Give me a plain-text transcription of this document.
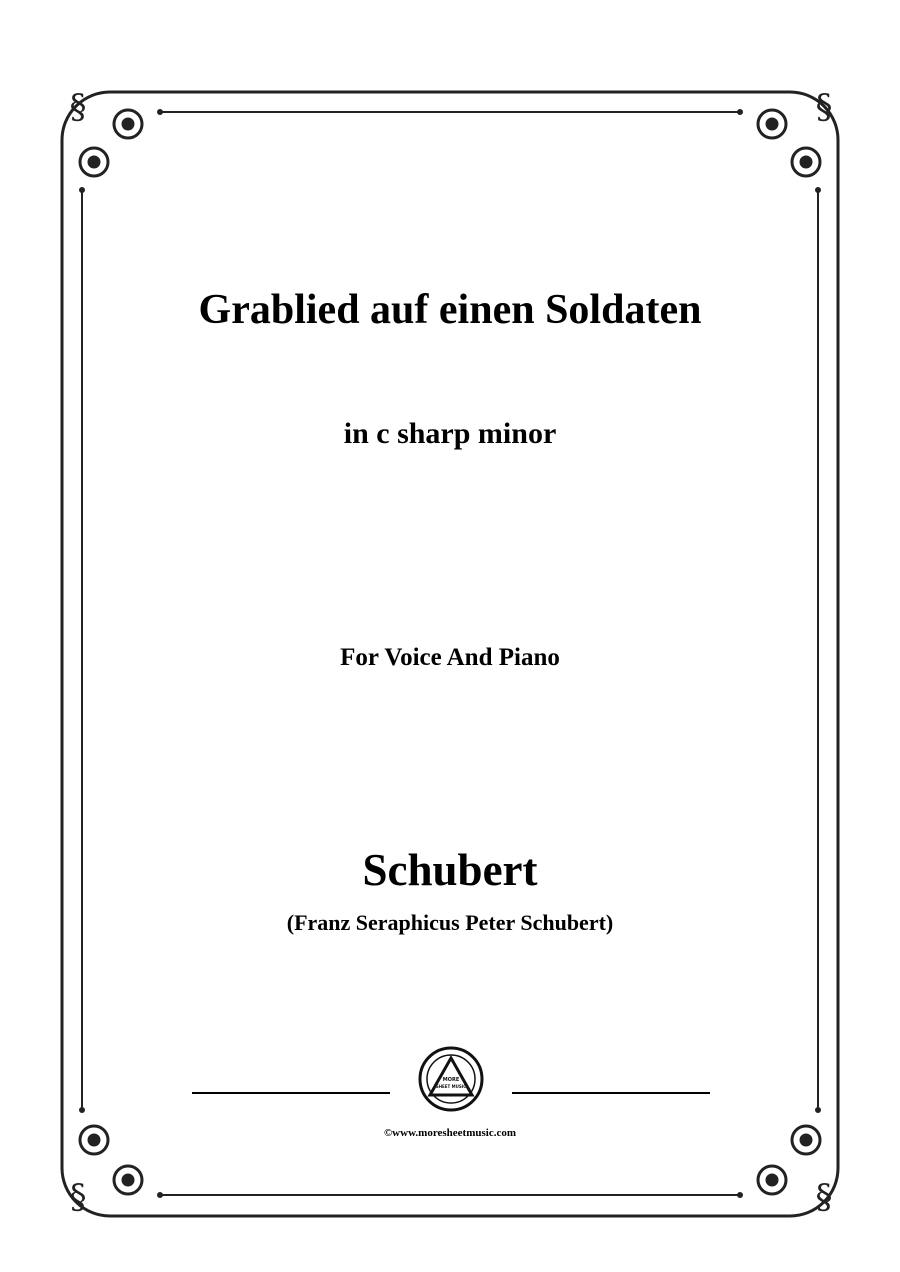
§	§
§	§
Grablied auf einen Soldaten
in c sharp minor
For Voice And Piano
Schubert
(Franz Seraphicus Peter Schubert)
MORE
SHEET MUSIC
©www.moresheetmusic.com
